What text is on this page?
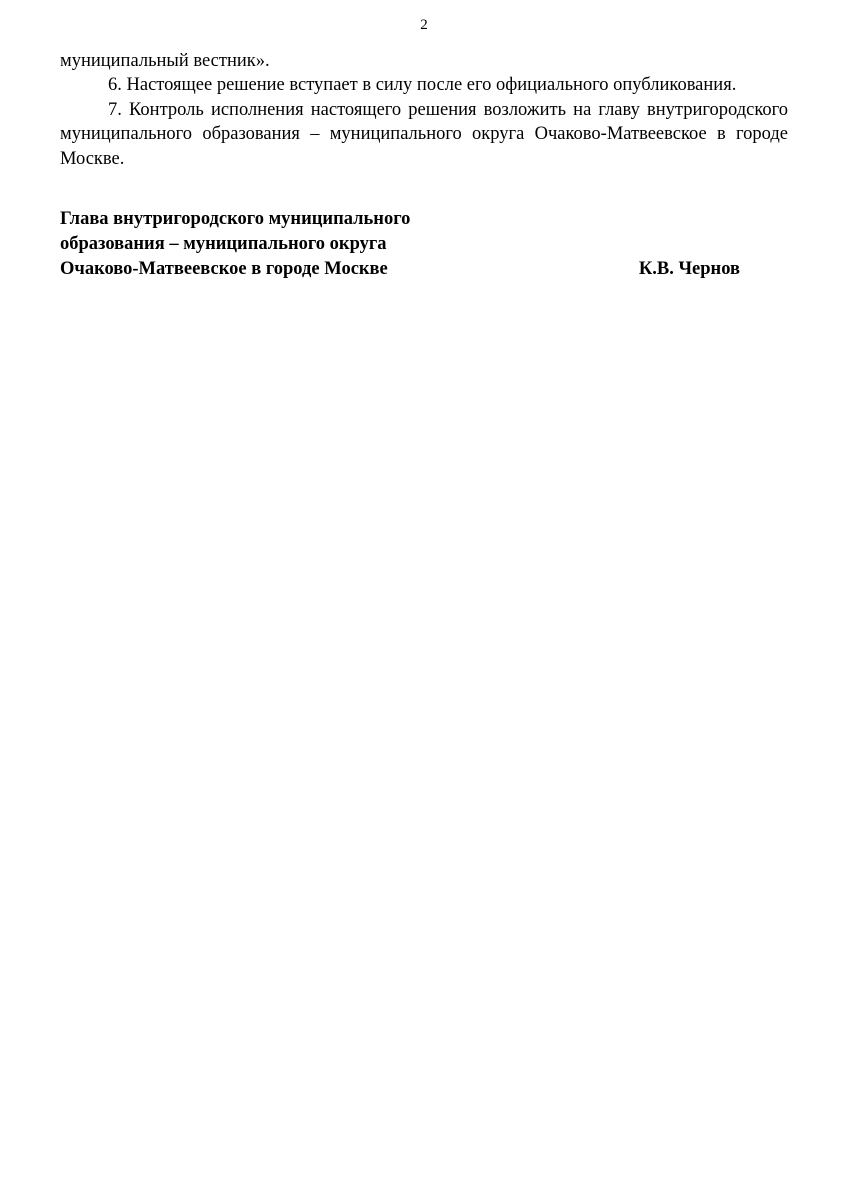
2

муниципальный вестник».

6. Настоящее решение вступает в силу после его официального опубликования.

7. Контроль исполнения настоящего решения возложить на главу внутригородского муниципального образования – муниципального округа Очаково-Матвеевское в городе Москве.

Глава внутригородского муниципального

образования – муниципального округа

Очаково-Матвеевское в городе Москве	К.В. Чернов
